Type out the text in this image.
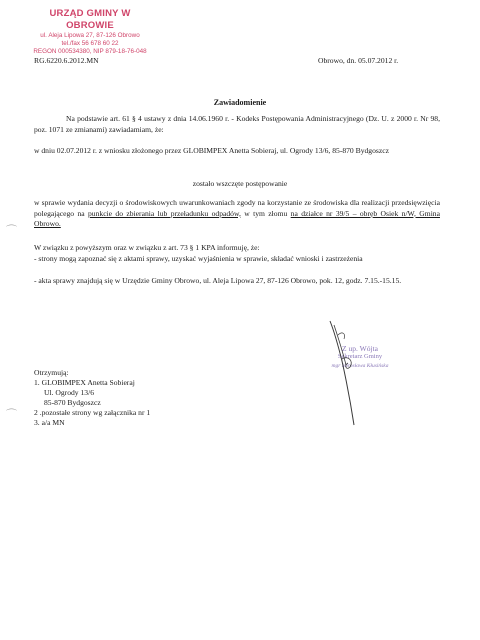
URZĄD GMINY W OBROWIE
ul. Aleja Lipowa 27, 87-126 Obrowo
tel./fax 56 678 60 22
REGON 000534380, NIP 879-18-76-048
RG.6220.6.2012.MN	Obrowo, dn. 05.07.2012 r.
Zawiadomienie
Na podstawie art. 61 § 4 ustawy z dnia 14.06.1960 r. - Kodeks Postępowania Administracyjnego (Dz. U. z 2000 r. Nr 98, poz. 1071 ze zmianami) zawiadamiam, że:
w dniu 02.07.2012 r. z wniosku złożonego przez GLOBIMPEX Anetta Sobieraj, ul. Ogrody 13/6, 85-870 Bydgoszcz
zostało wszczęte postępowanie
w sprawie wydania decyzji o środowiskowych uwarunkowaniach zgody na korzystanie ze środowiska dla realizacji przedsięwzięcia polegającego na punkcie do zbierania lub przeładunku odpadów, w tym złomu na działce nr 39/5 – obręb Osiek n/W, Gmina Obrowo.
⌒
W związku z powyższym oraz w związku z art. 73 § 1 KPA informuję, że:
- strony mogą zapoznać się z aktami sprawy, uzyskać wyjaśnienia w sprawie, składać wnioski i zastrzeżenia
- akta sprawy znajdują się w Urzędzie Gminy Obrowo, ul. Aleja Lipowa 27, 87-126 Obrowo, pok. 12, godz. 7.15.-15.15.
Z up. Wójta
Sekretarz Gminy
mgr Mirosława Kłusińska
Otrzymują:
1. GLOBIMPEX Anetta Sobieraj
Ul. Ogrody 13/6
85-870 Bydgoszcz
2 .pozostałe strony wg załącznika nr 1
3. a/a MN
⌒
